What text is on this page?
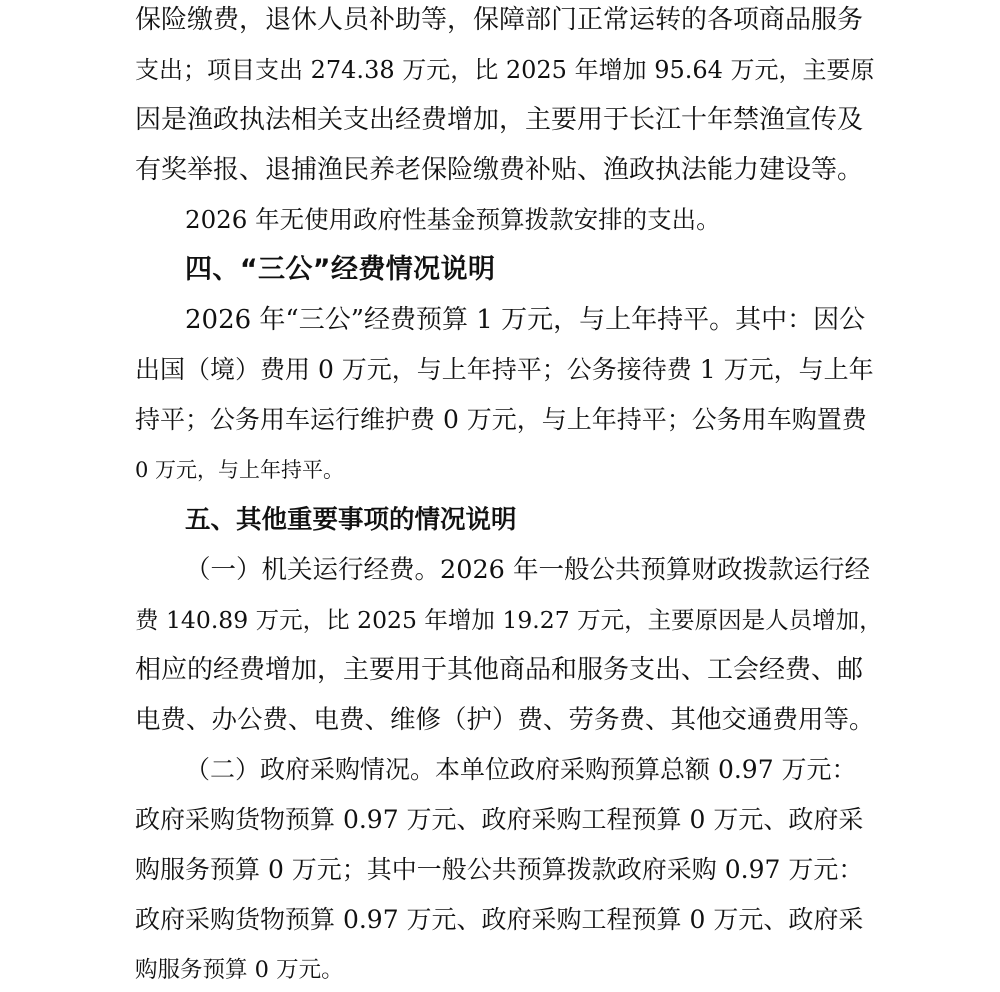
保险缴费，退休人员补助等，保障部门正常运转的各项商品服务
支出；项目支出 274.38 万元，比 2025 年增加 95.64 万元，主要原
因是渔政执法相关支出经费增加，主要用于长江十年禁渔宣传及
有奖举报、退捕渔民养老保险缴费补贴、渔政执法能力建设等。
2026 年无使用政府性基金预算拨款安排的支出。
四、“三公”经费情况说明
2026 年“三公”经费预算 1 万元，与上年持平。其中：因公
出国（境）费用 0 万元，与上年持平；公务接待费 1 万元，与上年
持平；公务用车运行维护费 0 万元，与上年持平；公务用车购置费
0 万元，与上年持平。
五、其他重要事项的情况说明
（一）机关运行经费。2026 年一般公共预算财政拨款运行经
费 140.89 万元，比 2025 年增加 19.27 万元，主要原因是人员增加，
相应的经费增加，主要用于其他商品和服务支出、工会经费、邮
电费、办公费、电费、维修（护）费、劳务费、其他交通费用等。
（二）政府采购情况。本单位政府采购预算总额 0.97 万元：
政府采购货物预算 0.97 万元、政府采购工程预算 0 万元、政府采
购服务预算 0 万元；其中一般公共预算拨款政府采购 0.97 万元：
政府采购货物预算 0.97 万元、政府采购工程预算 0 万元、政府采
购服务预算 0 万元。
